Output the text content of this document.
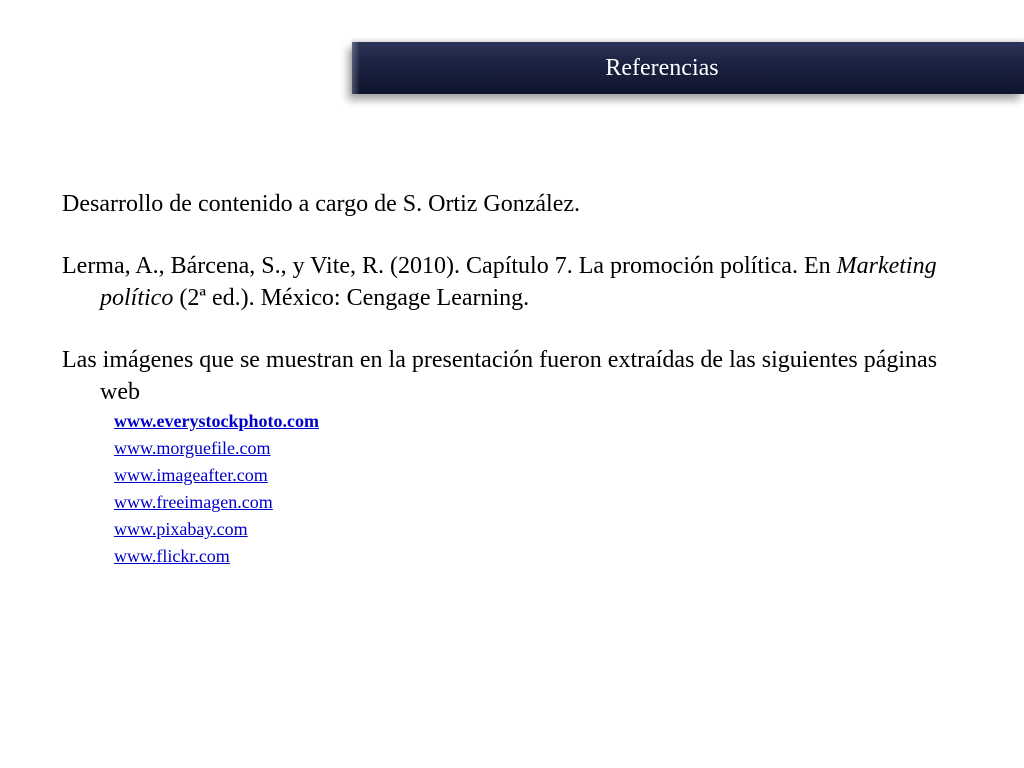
Referencias

Desarrollo de contenido a cargo de S. Ortiz González.

Lerma, A., Bárcena, S., y Vite, R. (2010). Capítulo 7. La promoción política. En Marketing político (2ª ed.). México: Cengage Learning.

Las imágenes que se muestran en la presentación fueron extraídas de las siguientes páginas web

www.everystockphoto.com
www.morguefile.com
www.imageafter.com
www.freeimagen.com
www.pixabay.com
www.flickr.com
